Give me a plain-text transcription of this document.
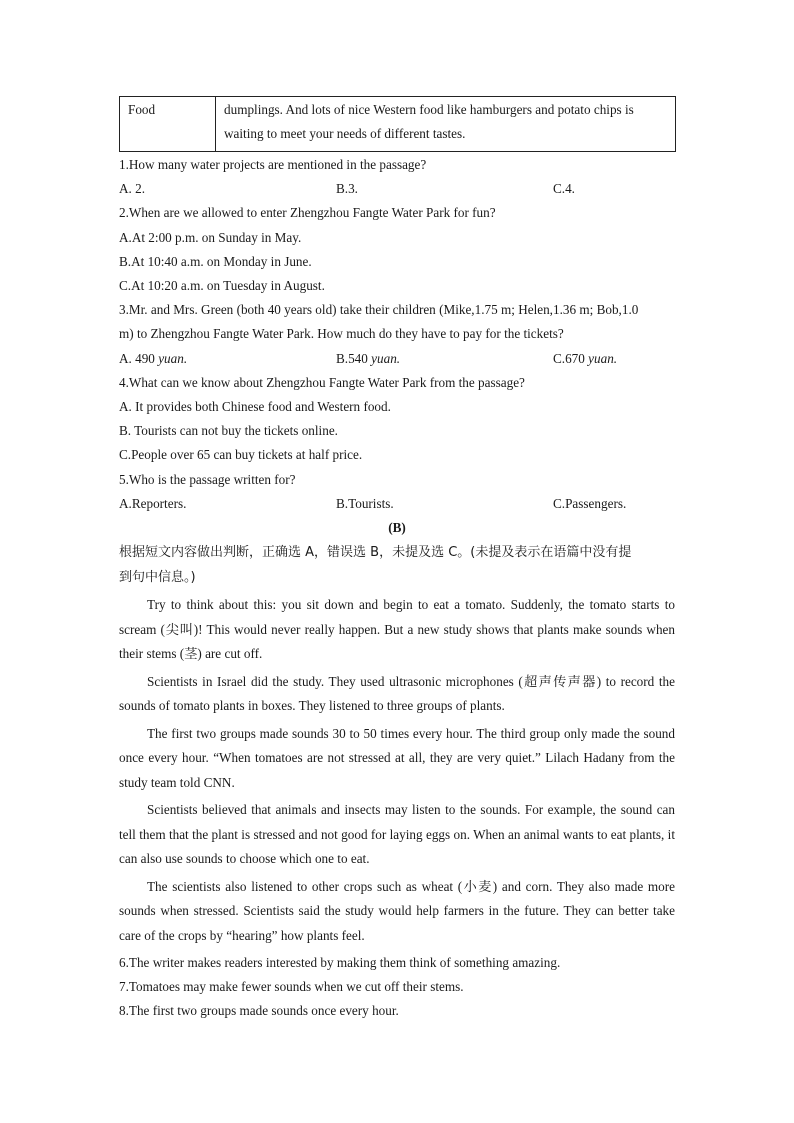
Food	dumplings. And lots of nice Western food like hamburgers and potato chips is waiting to meet your needs of different tastes.
1.How many water projects are mentioned in the passage?
A. 2.	B.3.	C.4.
2.When are we allowed to enter Zhengzhou Fangte Water Park for fun?
A.At 2:00 p.m. on Sunday in May.
B.At 10:40 a.m. on Monday in June.
C.At 10:20 a.m. on Tuesday in August.
3.Mr. and Mrs. Green (both 40 years old) take their children (Mike,1.75 m; Helen,1.36 m; Bob,1.0
m) to Zhengzhou Fangte Water Park. How much do they have to pay for the tickets?
A. 490 yuan.	B.540 yuan.	C.670 yuan.
4.What can we know about Zhengzhou Fangte Water Park from the passage?
A. It provides both Chinese food and Western food.
B. Tourists can not buy the tickets online.
C.People over 65 can buy tickets at half price.
5.Who is the passage written for?
A.Reporters.	B.Tourists.	C.Passengers.
(B)
根据短文内容做出判断，正确选 A，错误选 B，未提及选 C。(未提及表示在语篇中没有提
到句中信息。)

Try to think about this: you sit down and begin to eat a tomato. Suddenly, the tomato starts to scream (尖叫)! This would never really happen. But a new study shows that plants make sounds when their stems (茎) are cut off.

Scientists in Israel did the study. They used ultrasonic microphones (超声传声器) to record the sounds of tomato plants in boxes. They listened to three groups of plants.

The first two groups made sounds 30 to 50 times every hour. The third group only made the sound once every hour. “When tomatoes are not stressed at all, they are very quiet.” Lilach Hadany from the study team told CNN.

Scientists believed that animals and insects may listen to the sounds. For example, the sound can tell them that the plant is stressed and not good for laying eggs on. When an animal wants to eat plants, it can also use sounds to choose which one to eat.

The scientists also listened to other crops such as wheat (小麦) and corn. They also made more sounds when stressed. Scientists said the study would help farmers in the future. They can better take care of the crops by “hearing” how plants feel.

6.The writer makes readers interested by making them think of something amazing.
7.Tomatoes may make fewer sounds when we cut off their stems.
8.The first two groups made sounds once every hour.
